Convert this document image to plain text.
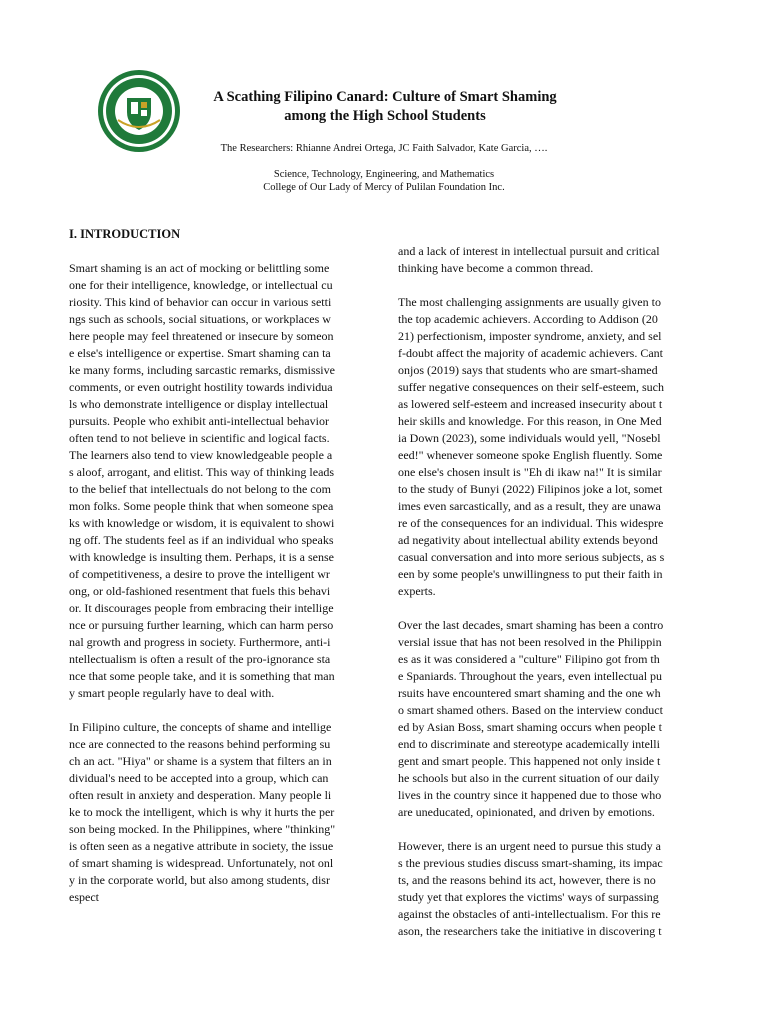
A Scathing Filipino Canard: Culture of Smart Shaming
among the High School Students
The Researchers: Rhianne Andrei Ortega, JC Faith Salvador, Kate Garcia, ….
Science, Technology, Engineering, and Mathematics
College of Our Lady of Mercy of Pulilan Foundation Inc.
I. INTRODUCTION
Smart shaming is an act of mocking or belittling some
one for their intelligence, knowledge, or intellectual cu
riosity. This kind of behavior can occur in various setti
ngs such as schools, social situations, or workplaces w
here people may feel threatened or insecure by someon
e else's intelligence or expertise. Smart shaming can ta
ke many forms, including sarcastic remarks, dismissive
comments, or even outright hostility towards individua
ls who demonstrate intelligence or display intellectual
pursuits. People who exhibit anti-intellectual behavior
often tend to not believe in scientific and logical facts.
The learners also tend to view knowledgeable people a
s aloof, arrogant, and elitist. This way of thinking leads
to the belief that intellectuals do not belong to the com
mon folks. Some people think that when someone spea
ks with knowledge or wisdom, it is equivalent to showi
ng off. The students feel as if an individual who speaks
with knowledge is insulting them. Perhaps, it is a sense
of competitiveness, a desire to prove the intelligent wr
ong, or old-fashioned resentment that fuels this behavi
or. It discourages people from embracing their intellige
nce or pursuing further learning, which can harm perso
nal growth and progress in society. Furthermore, anti-i
ntellectualism is often a result of the pro-ignorance sta
nce that some people take, and it is something that man
y smart people regularly have to deal with.
In Filipino culture, the concepts of shame and intellige
nce are connected to the reasons behind performing su
ch an act. "Hiya" or shame is a system that filters an in
dividual's need to be accepted into a group, which can
often result in anxiety and desperation. Many people li
ke to mock the intelligent, which is why it hurts the per
son being mocked. In the Philippines, where "thinking"
is often seen as a negative attribute in society, the issue
of smart shaming is widespread. Unfortunately, not onl
y in the corporate world, but also among students, disr
espect
and a lack of interest in intellectual pursuit and critical
thinking have become a common thread.
The most challenging assignments are usually given to
the top academic achievers. According to Addison (20
21) perfectionism, imposter syndrome, anxiety, and sel
f-doubt affect the majority of academic achievers. Cant
onjos (2019) says that students who are smart-shamed
suffer negative consequences on their self-esteem, such
as lowered self-esteem and increased insecurity about t
heir skills and knowledge. For this reason, in One Med
ia Down (2023), some individuals would yell, "Nosebl
eed!" whenever someone spoke English fluently. Some
one else's chosen insult is "Eh di ikaw na!" It is similar
to the study of Bunyi (2022) Filipinos joke a lot, somet
imes even sarcastically, and as a result, they are unawa
re of the consequences for an individual. This widespre
ad negativity about intellectual ability extends beyond
casual conversation and into more serious subjects, as s
een by some people's unwillingness to put their faith in
experts.
Over the last decades, smart shaming has been a contro
versial issue that has not been resolved in the Philippin
es as it was considered a "culture" Filipino got from th
e Spaniards. Throughout the years, even intellectual pu
rsuits have encountered smart shaming and the one wh
o smart shamed others. Based on the interview conduct
ed by Asian Boss, smart shaming occurs when people t
end to discriminate and stereotype academically intelli
gent and smart people. This happened not only inside t
he schools but also in the current situation of our daily
lives in the country since it happened due to those who
are uneducated, opinionated, and driven by emotions.
However, there is an urgent need to pursue this study a
s the previous studies discuss smart-shaming, its impac
ts, and the reasons behind its act, however, there is no
study yet that explores the victims' ways of surpassing
against the obstacles of anti-intellectualism. For this re
ason, the researchers take the initiative in discovering t
